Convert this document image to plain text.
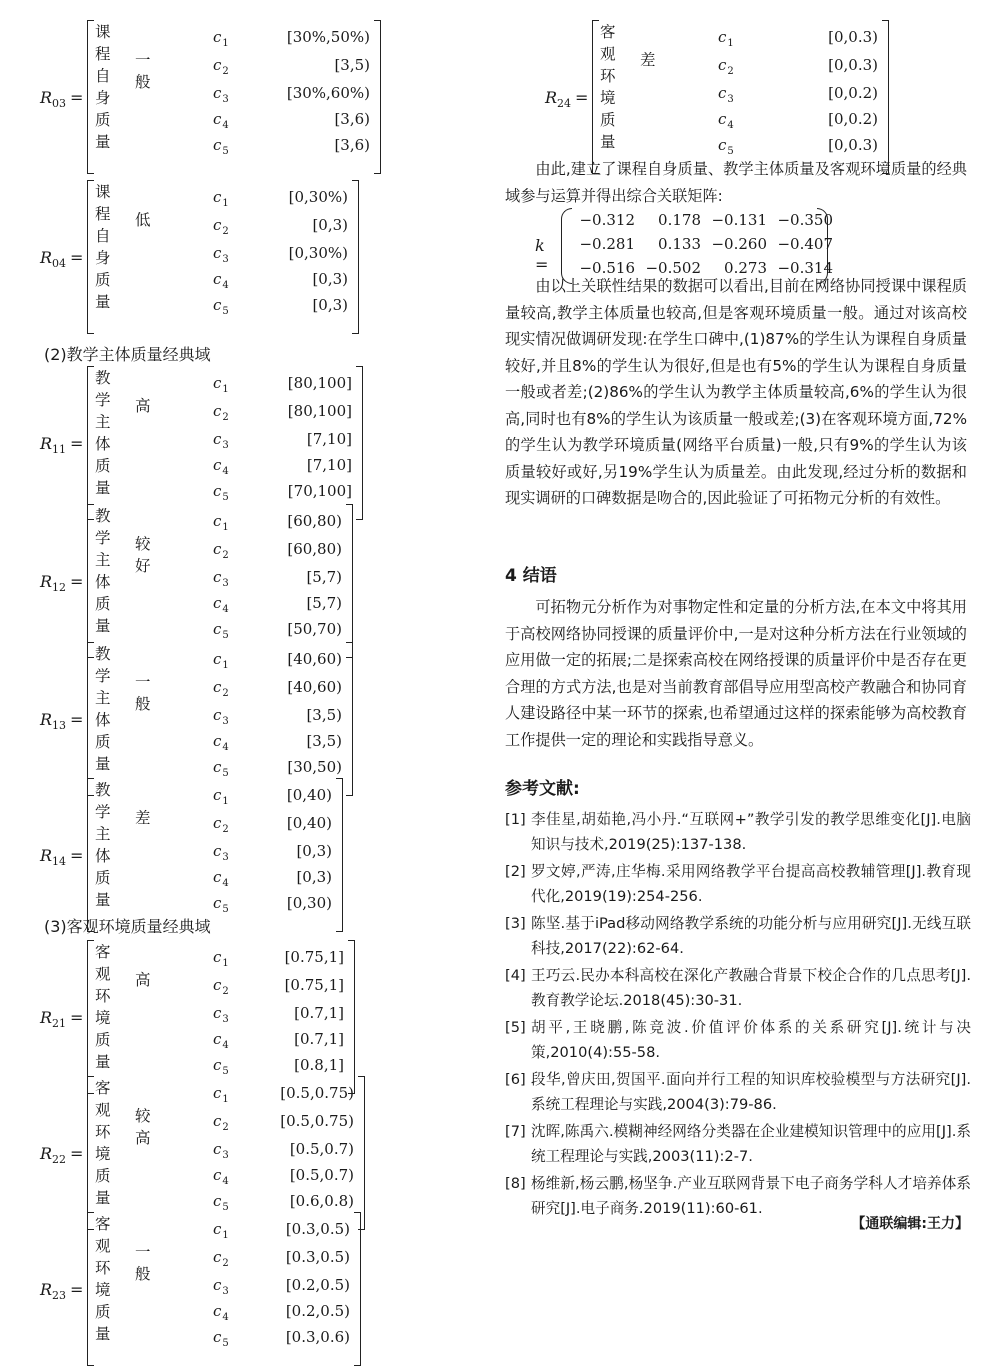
$R_{03}$ =
课程自身质量
一般
$c_1$	[30%,50%)
$c_2$	[3,5)
$c_3$	[30%,60%)
$c_4$	[3,6)
$c_5$	[3,6)
$R_{04}$ =
课程自身质量
低
$c_1$	[0,30%)
$c_2$	[0,3)
$c_3$	[0,30%)
$c_4$	[0,3)
$c_5$	[0,3)
$R_{11}$ =
教学主体质量
高
$c_1$	[80,100]
$c_2$	[80,100]
$c_3$	[7,10]
$c_4$	[7,10]
$c_5$	[70,100]
$R_{12}$ =
教学主体质量
较好
$c_1$	[60,80)
$c_2$	[60,80)
$c_3$	[5,7)
$c_4$	[5,7)
$c_5$	[50,70)
$R_{13}$ =
教学主体质量
一般
$c_1$	[40,60)
$c_2$	[40,60)
$c_3$	[3,5)
$c_4$	[3,5)
$c_5$	[30,50)
$R_{14}$ =
教学主体质量
差
$c_1$	[0,40)
$c_2$	[0,40)
$c_3$	[0,3)
$c_4$	[0,3)
$c_5$	[0,30)
$R_{21}$ =
客观环境质量
高
$c_1$	[0.75,1]
$c_2$	[0.75,1]
$c_3$	[0.7,1]
$c_4$	[0.7,1]
$c_5$	[0.8,1]
$R_{22}$ =
客观环境质量
较高
$c_1$	[0.5,0.75)
$c_2$	[0.5,0.75)
$c_3$	[0.5,0.7)
$c_4$	[0.5,0.7)
$c_5$	[0.6,0.8)
$R_{23}$ =
客观环境质量
一般
$c_1$	[0.3,0.5)
$c_2$	[0.3,0.5)
$c_3$	[0.2,0.5)
$c_4$	[0.2,0.5)
$c_5$	[0.3,0.6)
(2)教学主体质量经典域
(3)客观环境质量经典域
$R_{24}$ =
客观环境质量
差
$c_1$	[0,0.3)
$c_2$	[0,0.3)
$c_3$	[0,0.2)
$c_4$	[0,0.2)
$c_5$	[0,0.3)

由此,建立了课程自身质量、教学主体质量及客观环境质量的经典域参与运算并得出综合关联矩阵:

k =
−0.312 0.178 −0.131 −0.350
−0.281 0.133 −0.260 −0.407
−0.516 −0.502 0.273 −0.314

由以上关联性结果的数据可以看出,目前在网络协同授课中课程质量较高,教学主体质量也较高,但是客观环境质量一般。通过对该高校现实情况做调研发现:在学生口碑中,(1)87%的学生认为课程自身质量较好,并且8%的学生认为很好,但是也有5%的学生认为课程自身质量一般或者差;(2)86%的学生认为教学主体质量较高,6%的学生认为很高,同时也有8%的学生认为该质量一般或差;(3)在客观环境方面,72%的学生认为教学环境质量(网络平台质量)一般,只有9%的学生认为该质量较好或好,另19%学生认为质量差。由此发现,经过分析的数据和现实调研的口碑数据是吻合的,因此验证了可拓物元分析的有效性。

4 结语

可拓物元分析作为对事物定性和定量的分析方法,在本文中将其用于高校网络协同授课的质量评价中,一是对这种分析方法在行业领域的应用做一定的拓展;二是探索高校在网络授课的质量评价中是否存在更合理的方式方法,也是对当前教育部倡导应用型高校产教融合和协同育人建设路径中某一环节的探索,也希望通过这样的探索能够为高校教育工作提供一定的理论和实践指导意义。

参考文献:
[1] 李佳星,胡茹艳,冯小丹.“互联网+”教学引发的教学思维变化[J].电脑知识与技术,2019(25):137-138.
[2] 罗文婷,严涛,庄华梅.采用网络教学平台提高高校教辅管理[J].教育现代化,2019(19):254-256.
[3] 陈坚.基于iPad移动网络教学系统的功能分析与应用研究[J].无线互联科技,2017(22):62-64.
[4] 王巧云.民办本科高校在深化产教融合背景下校企合作的几点思考[J].教育教学论坛.2018(45):30-31.
[5] 胡平,王晓鹏,陈竞波.价值评价体系的关系研究[J].统计与决策,2010(4):55-58.
[6] 段华,曾庆田,贺国平.面向并行工程的知识库校验模型与方法研究[J].系统工程理论与实践,2004(3):79-86.
[7] 沈晖,陈禹六.模糊神经网络分类器在企业建模知识管理中的应用[J].系统工程理论与实践,2003(11):2-7.
[8] 杨维新,杨云鹏,杨坚争.产业互联网背景下电子商务学科人才培养体系研究[J].电子商务.2019(11):60-61.
【通联编辑:王力】
